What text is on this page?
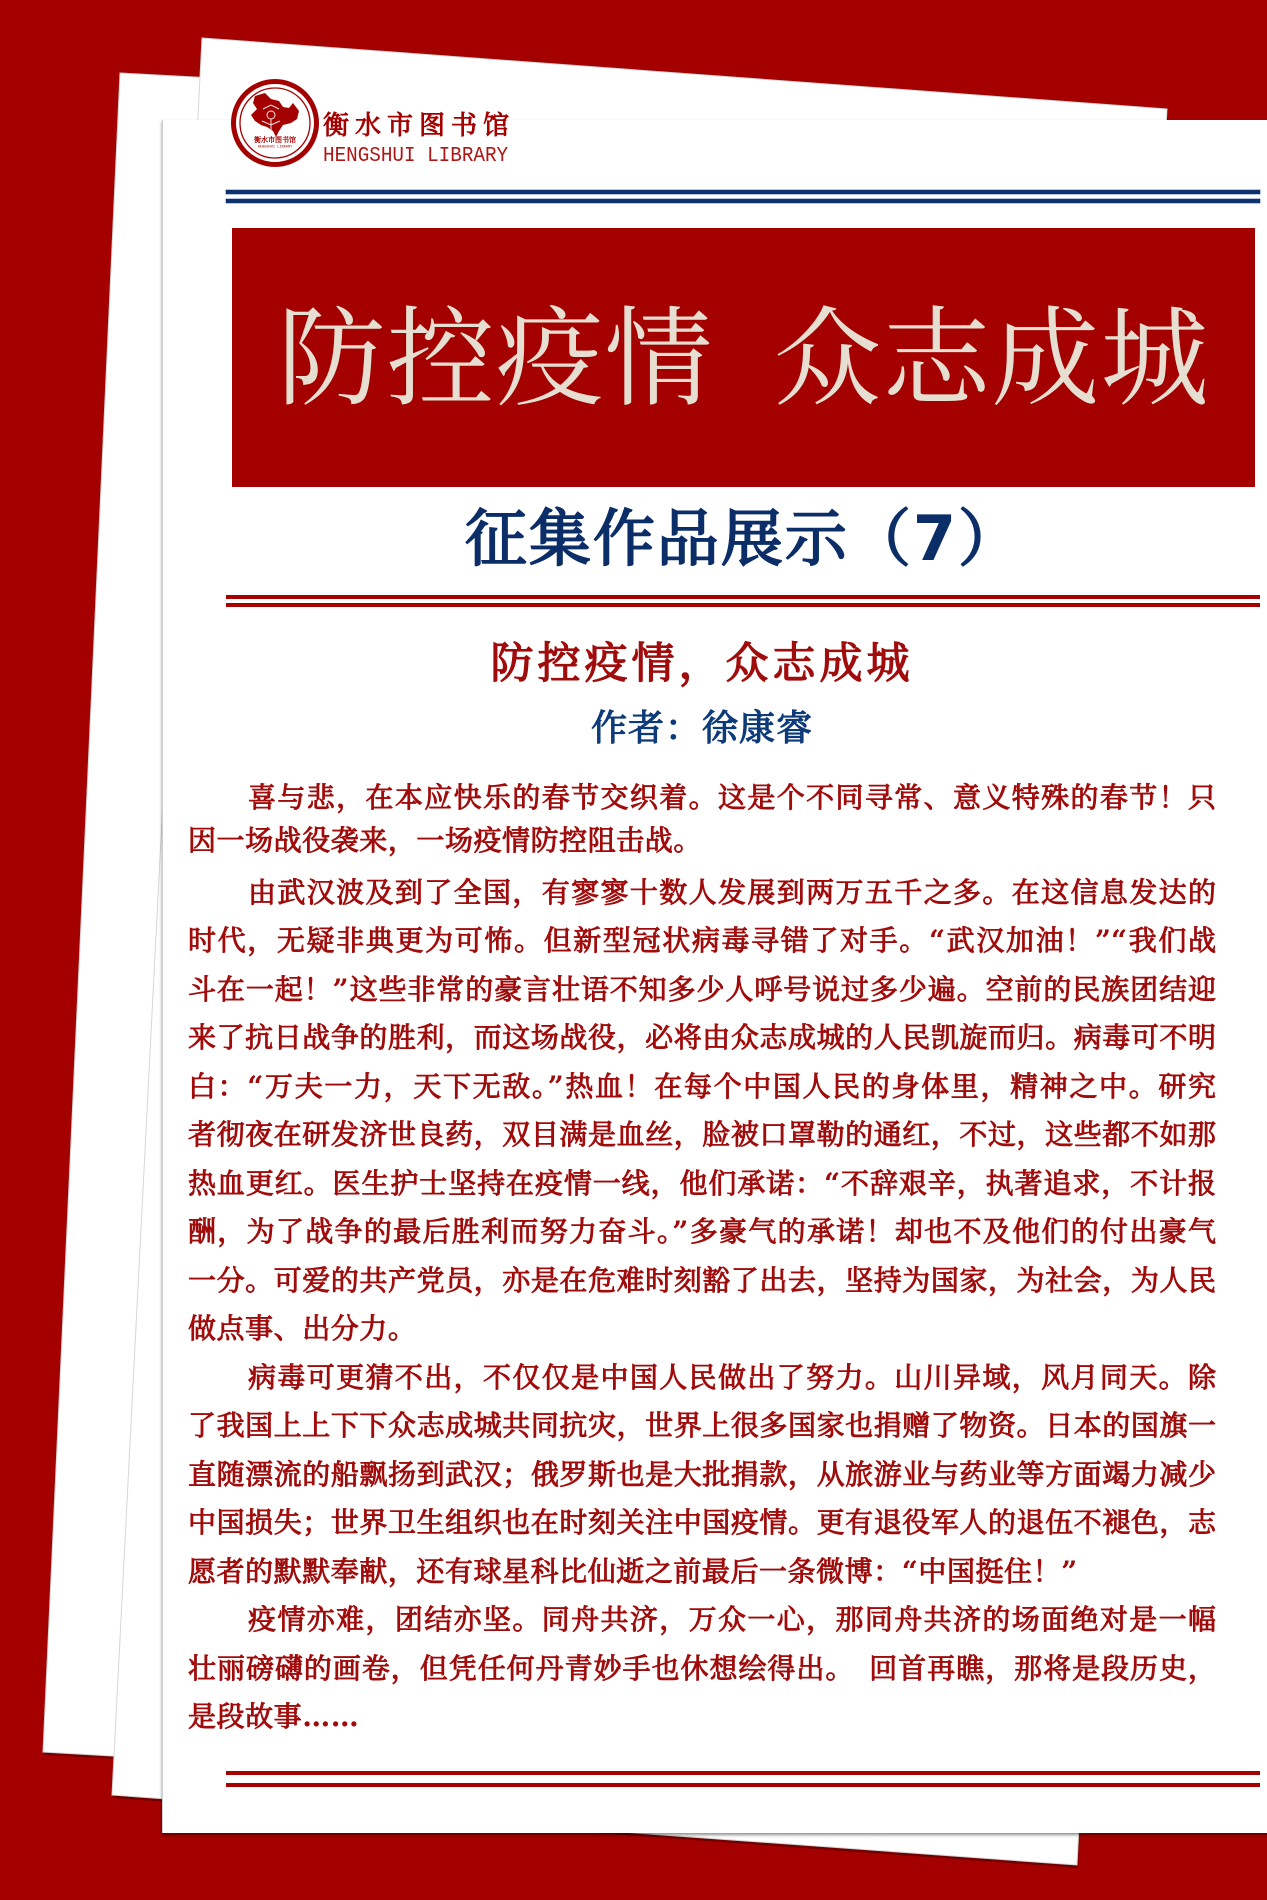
衡水市图书馆
HENGSHUI LIBRARY
衡水市图书馆
HENGSHUI LIBRARY
防控疫情 众志成城
征集作品展示（7）
防控疫情，众志成城
作者：徐康睿
喜与悲，在本应快乐的春节交织着。这是个不同寻常、意义特殊的春节！只
因一场战役袭来，一场疫情防控阻击战。
由武汉波及到了全国，有寥寥十数人发展到两万五千之多。在这信息发达的
时代，无疑非典更为可怖。但新型冠状病毒寻错了对手。“武汉加油！”“我们战
斗在一起！”这些非常的豪言壮语不知多少人呼号说过多少遍。空前的民族团结迎
来了抗日战争的胜利，而这场战役，必将由众志成城的人民凯旋而归。病毒可不明
白：“万夫一力，天下无敌。”热血！在每个中国人民的身体里，精神之中。研究
者彻夜在研发济世良药，双目满是血丝，脸被口罩勒的通红，不过，这些都不如那
热血更红。医生护士坚持在疫情一线，他们承诺：“不辞艰辛，执著追求，不计报
酬，为了战争的最后胜利而努力奋斗。”多豪气的承诺！却也不及他们的付出豪气
一分。可爱的共产党员，亦是在危难时刻豁了出去，坚持为国家，为社会，为人民
做点事、出分力。
病毒可更猜不出，不仅仅是中国人民做出了努力。山川异域，风月同天。除
了我国上上下下众志成城共同抗灾，世界上很多国家也捐赠了物资。日本的国旗一
直随漂流的船飘扬到武汉；俄罗斯也是大批捐款，从旅游业与药业等方面竭力减少
中国损失；世界卫生组织也在时刻关注中国疫情。更有退役军人的退伍不褪色，志
愿者的默默奉献，还有球星科比仙逝之前最后一条微博：“中国挺住！”
疫情亦难，团结亦坚。同舟共济，万众一心，那同舟共济的场面绝对是一幅
壮丽磅礴的画卷，但凭任何丹青妙手也休想绘得出。　回首再瞧，那将是段历史，
是段故事……
